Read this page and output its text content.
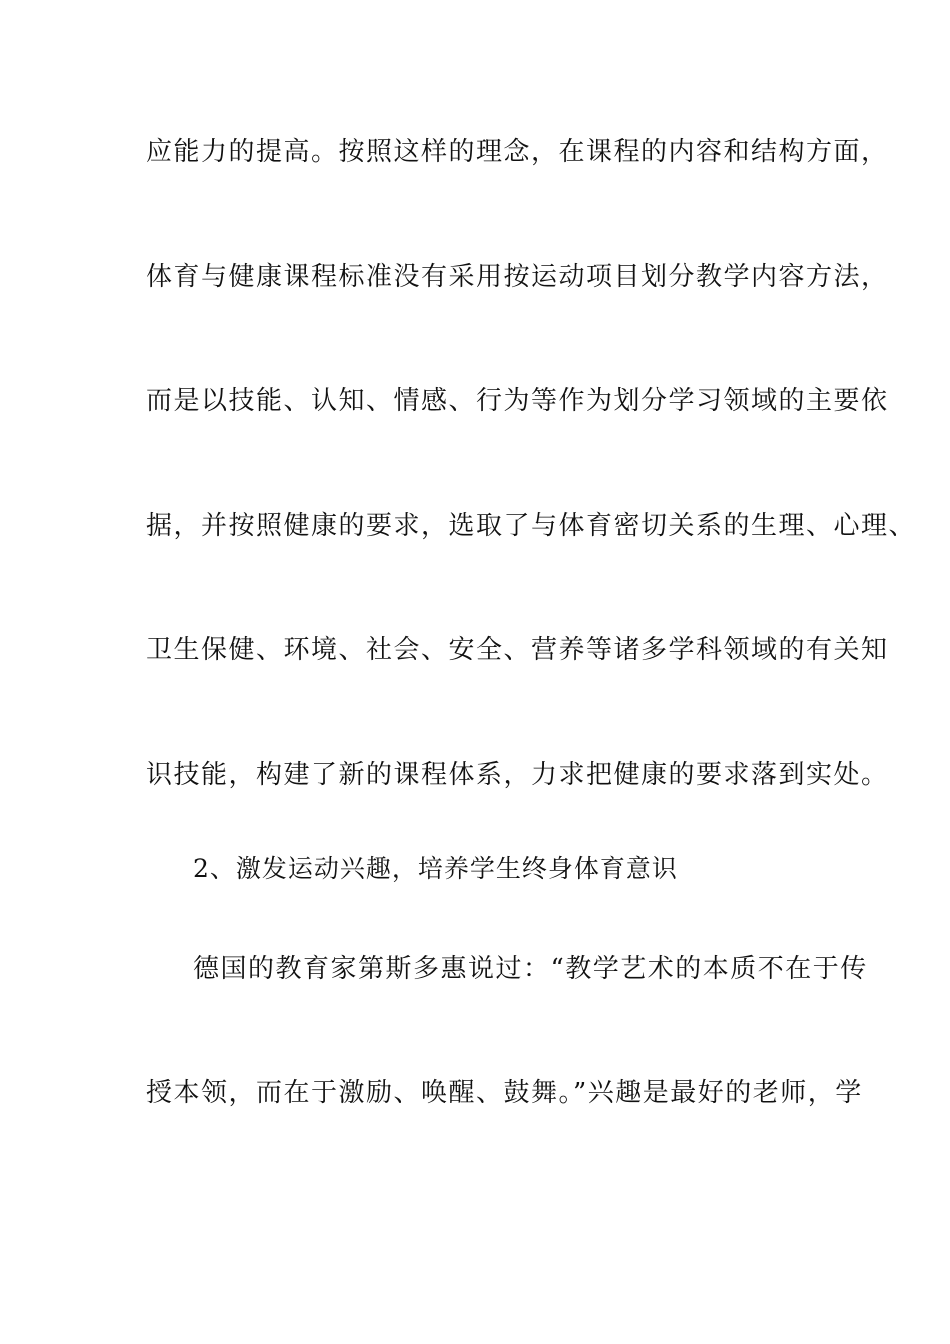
应能力的提高。按照这样的理念，在课程的内容和结构方面，
体育与健康课程标准没有采用按运动项目划分教学内容方法，
而是以技能、认知、情感、行为等作为划分学习领域的主要依
据，并按照健康的要求，选取了与体育密切关系的生理、心理、
卫生保健、环境、社会、安全、营养等诸多学科领域的有关知
识技能，构建了新的课程体系，力求把健康的要求落到实处。
2、激发运动兴趣，培养学生终身体育意识
德国的教育家第斯多惠说过：“教学艺术的本质不在于传
授本领，而在于激励、唤醒、鼓舞。”兴趣是最好的老师，学
